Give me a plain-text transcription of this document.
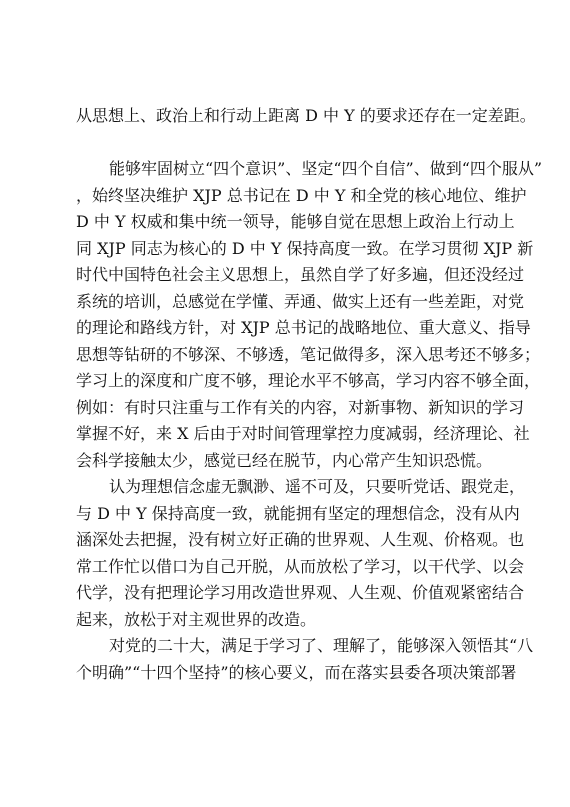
从思想上、政治上和行动上距离 D 中 Y 的要求还存在一定差距。
能够牢固树立“四个意识”、坚定“四个自信”、做到“四个服从”
，始终坚决维护 XJP 总书记在 D 中 Y 和全党的核心地位、维护
D 中 Y 权威和集中统一领导，能够自觉在思想上政治上行动上
同 XJP 同志为核心的 D 中 Y 保持高度一致。在学习贯彻 XJP 新
时代中国特色社会主义思想上，虽然自学了好多遍，但还没经过
系统的培训，总感觉在学懂、弄通、做实上还有一些差距，对党
的理论和路线方针，对 XJP 总书记的战略地位、重大意义、指导
思想等钻研的不够深、不够透，笔记做得多，深入思考还不够多；
学习上的深度和广度不够，理论水平不够高，学习内容不够全面，
例如：有时只注重与工作有关的内容，对新事物、新知识的学习
掌握不好，来 X 后由于对时间管理掌控力度减弱，经济理论、社
会科学接触太少，感觉已经在脱节，内心常产生知识恐慌。
认为理想信念虚无飘渺、遥不可及，只要听党话、跟党走，
与 D 中 Y 保持高度一致，就能拥有坚定的理想信念，没有从内
涵深处去把握，没有树立好正确的世界观、人生观、价格观。也
常工作忙以借口为自己开脱，从而放松了学习，以干代学、以会
代学，没有把理论学习用改造世界观、人生观、价值观紧密结合
起来，放松于对主观世界的改造。
对党的二十大，满足于学习了、理解了，能够深入领悟其“八
个明确”“十四个坚持”的核心要义，而在落实县委各项决策部署
